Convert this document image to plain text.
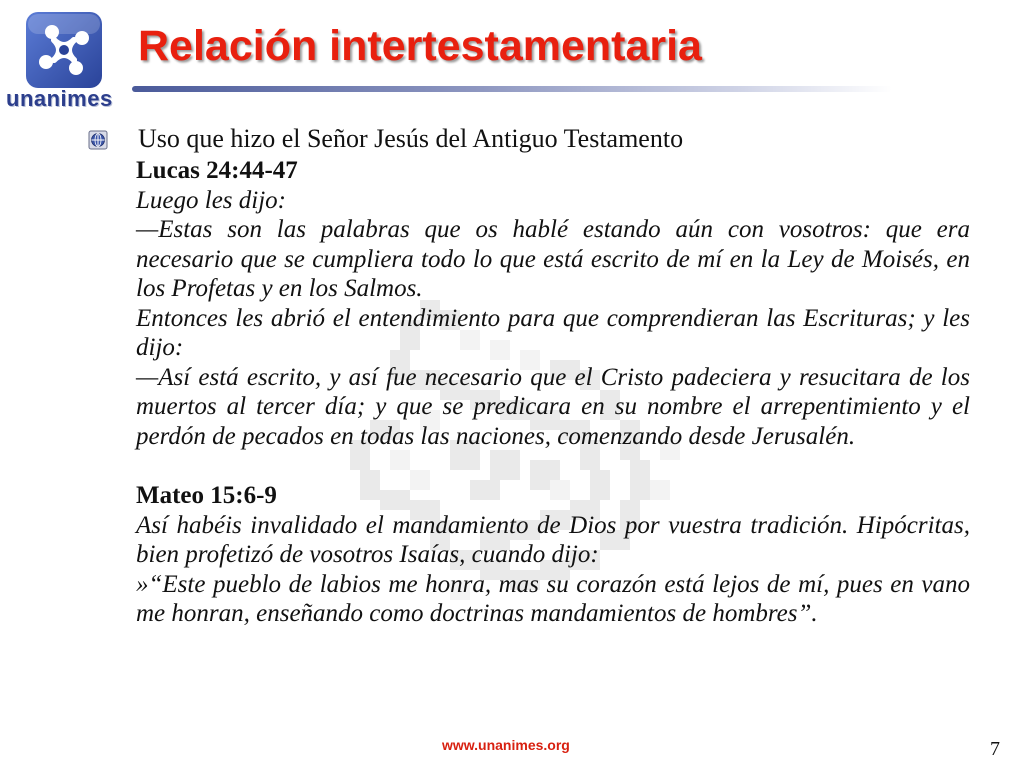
unanimes
Relación intertestamentaria
Uso que hizo el Señor Jesús del Antiguo Testamento
Lucas 24:44-47
Luego les dijo:
—Estas son las palabras que os hablé estando aún con vosotros: que era necesario que se cumpliera todo lo que está escrito de mí en la Ley de Moisés, en los Profetas y en los Salmos.
Entonces les abrió el entendimiento para que comprendieran las Escrituras; y les dijo:
—Así está escrito, y así fue necesario que el Cristo padeciera y resucitara de los muertos al tercer día; y que se predicara en su nombre el arrepentimiento y el perdón de pecados en todas las naciones, comenzando desde Jerusalén.
Mateo 15:6-9
Así habéis invalidado el mandamiento de Dios por vuestra tradición. Hipócritas, bien profetizó de vosotros Isaías, cuando dijo:
»“Este pueblo de labios me honra, mas su corazón está lejos de mí, pues en vano me honran, enseñando como doctrinas mandamientos de hombres”.
www.unanimes.org	7
